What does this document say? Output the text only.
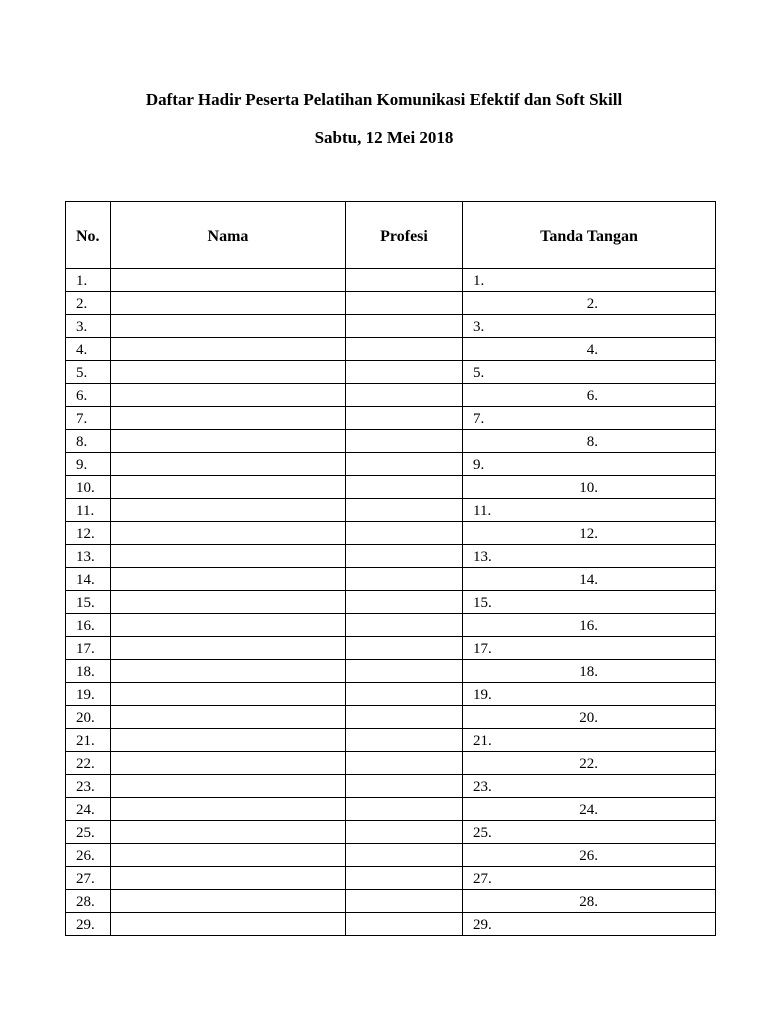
Daftar Hadir Peserta Pelatihan Komunikasi Efektif dan Soft Skill
Sabtu, 12 Mei 2018
No.	Nama	Profesi	Tanda Tangan
1.			1.
2.			2.
3.			3.
4.			4.
5.			5.
6.			6.
7.			7.
8.			8.
9.			9.
10.			10.
11.			11.
12.			12.
13.			13.
14.			14.
15.			15.
16.			16.
17.			17.
18.			18.
19.			19.
20.			20.
21.			21.
22.			22.
23.			23.
24.			24.
25.			25.
26.			26.
27.			27.
28.			28.
29.			29.
